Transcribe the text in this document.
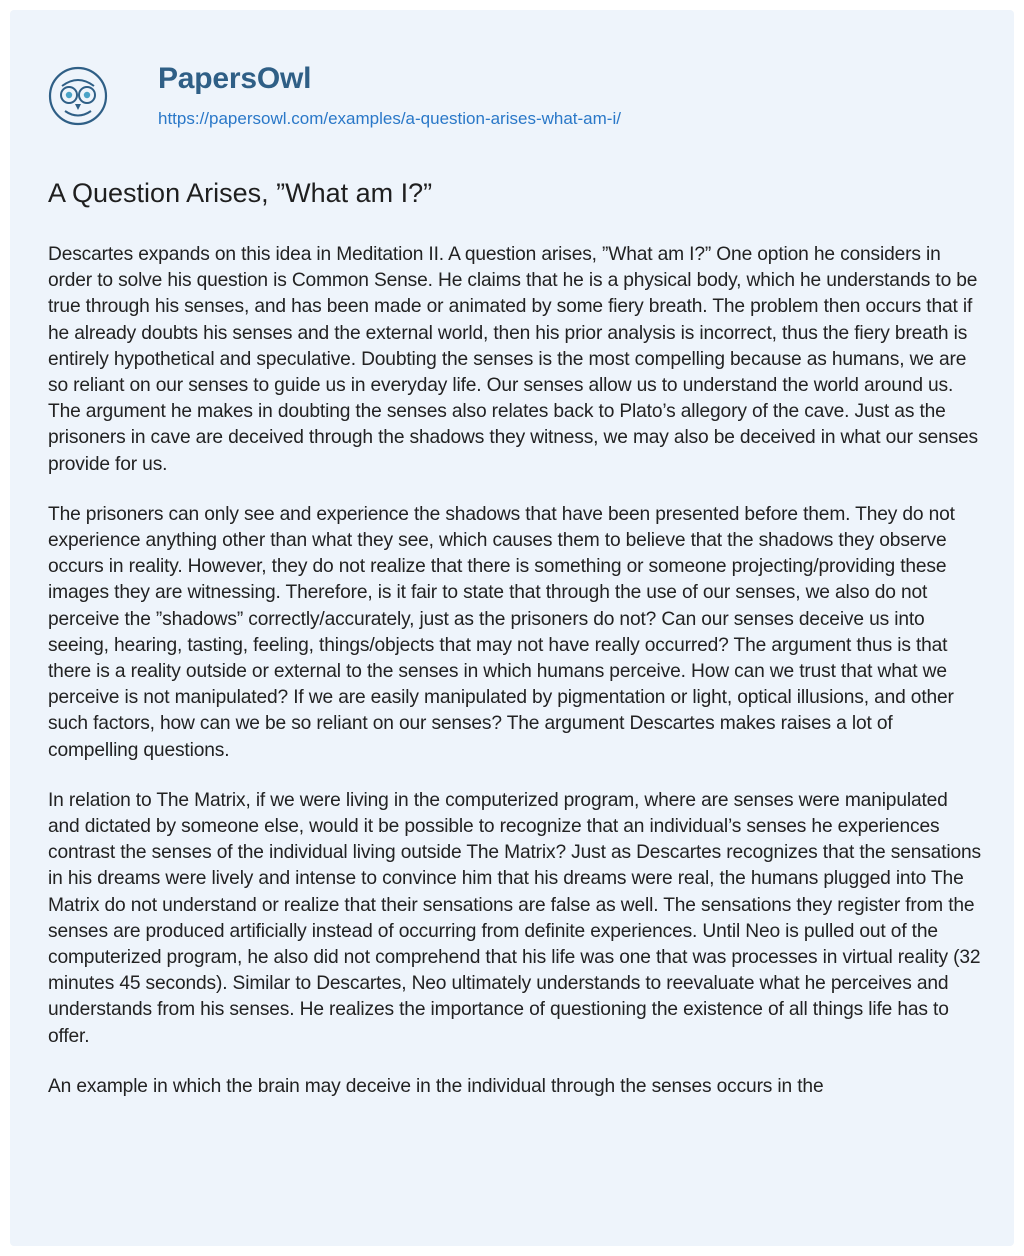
PapersOwl
https://papersowl.com/examples/a-question-arises-what-am-i/
A Question Arises, ”What am I?”

Descartes expands on this idea in Meditation II. A question arises, ”What am I?” One option he considers in order to solve his question is Common Sense. He claims that he is a physical body, which he understands to be true through his senses, and has been made or animated by some fiery breath. The problem then occurs that if he already doubts his senses and the external world, then his prior analysis is incorrect, thus the fiery breath is entirely hypothetical and speculative. Doubting the senses is the most compelling because as humans, we are so reliant on our senses to guide us in everyday life. Our senses allow us to understand the world around us. The argument he makes in doubting the senses also relates back to Plato’s allegory of the cave. Just as the prisoners in cave are deceived through the shadows they witness, we may also be deceived in what our senses provide for us.

The prisoners can only see and experience the shadows that have been presented before them. They do not experience anything other than what they see, which causes them to believe that the shadows they observe occurs in reality. However, they do not realize that there is something or someone projecting/providing these images they are witnessing. Therefore, is it fair to state that through the use of our senses, we also do not perceive the ”shadows” correctly/accurately, just as the prisoners do not? Can our senses deceive us into seeing, hearing, tasting, feeling, things/objects that may not have really occurred? The argument thus is that there is a reality outside or external to the senses in which humans perceive. How can we trust that what we perceive is not manipulated? If we are easily manipulated by pigmentation or light, optical illusions, and other such factors, how can we be so reliant on our senses? The argument Descartes makes raises a lot of compelling questions.

In relation to The Matrix, if we were living in the computerized program, where are senses were manipulated and dictated by someone else, would it be possible to recognize that an individual’s senses he experiences contrast the senses of the individual living outside The Matrix? Just as Descartes recognizes that the sensations in his dreams were lively and intense to convince him that his dreams were real, the humans plugged into The Matrix do not understand or realize that their sensations are false as well. The sensations they register from the senses are produced artificially instead of occurring from definite experiences. Until Neo is pulled out of the computerized program, he also did not comprehend that his life was one that was processes in virtual reality (32 minutes 45 seconds). Similar to Descartes, Neo ultimately understands to reevaluate what he perceives and understands from his senses. He realizes the importance of questioning the existence of all things life has to offer.

An example in which the brain may deceive in the individual through the senses occurs in the
